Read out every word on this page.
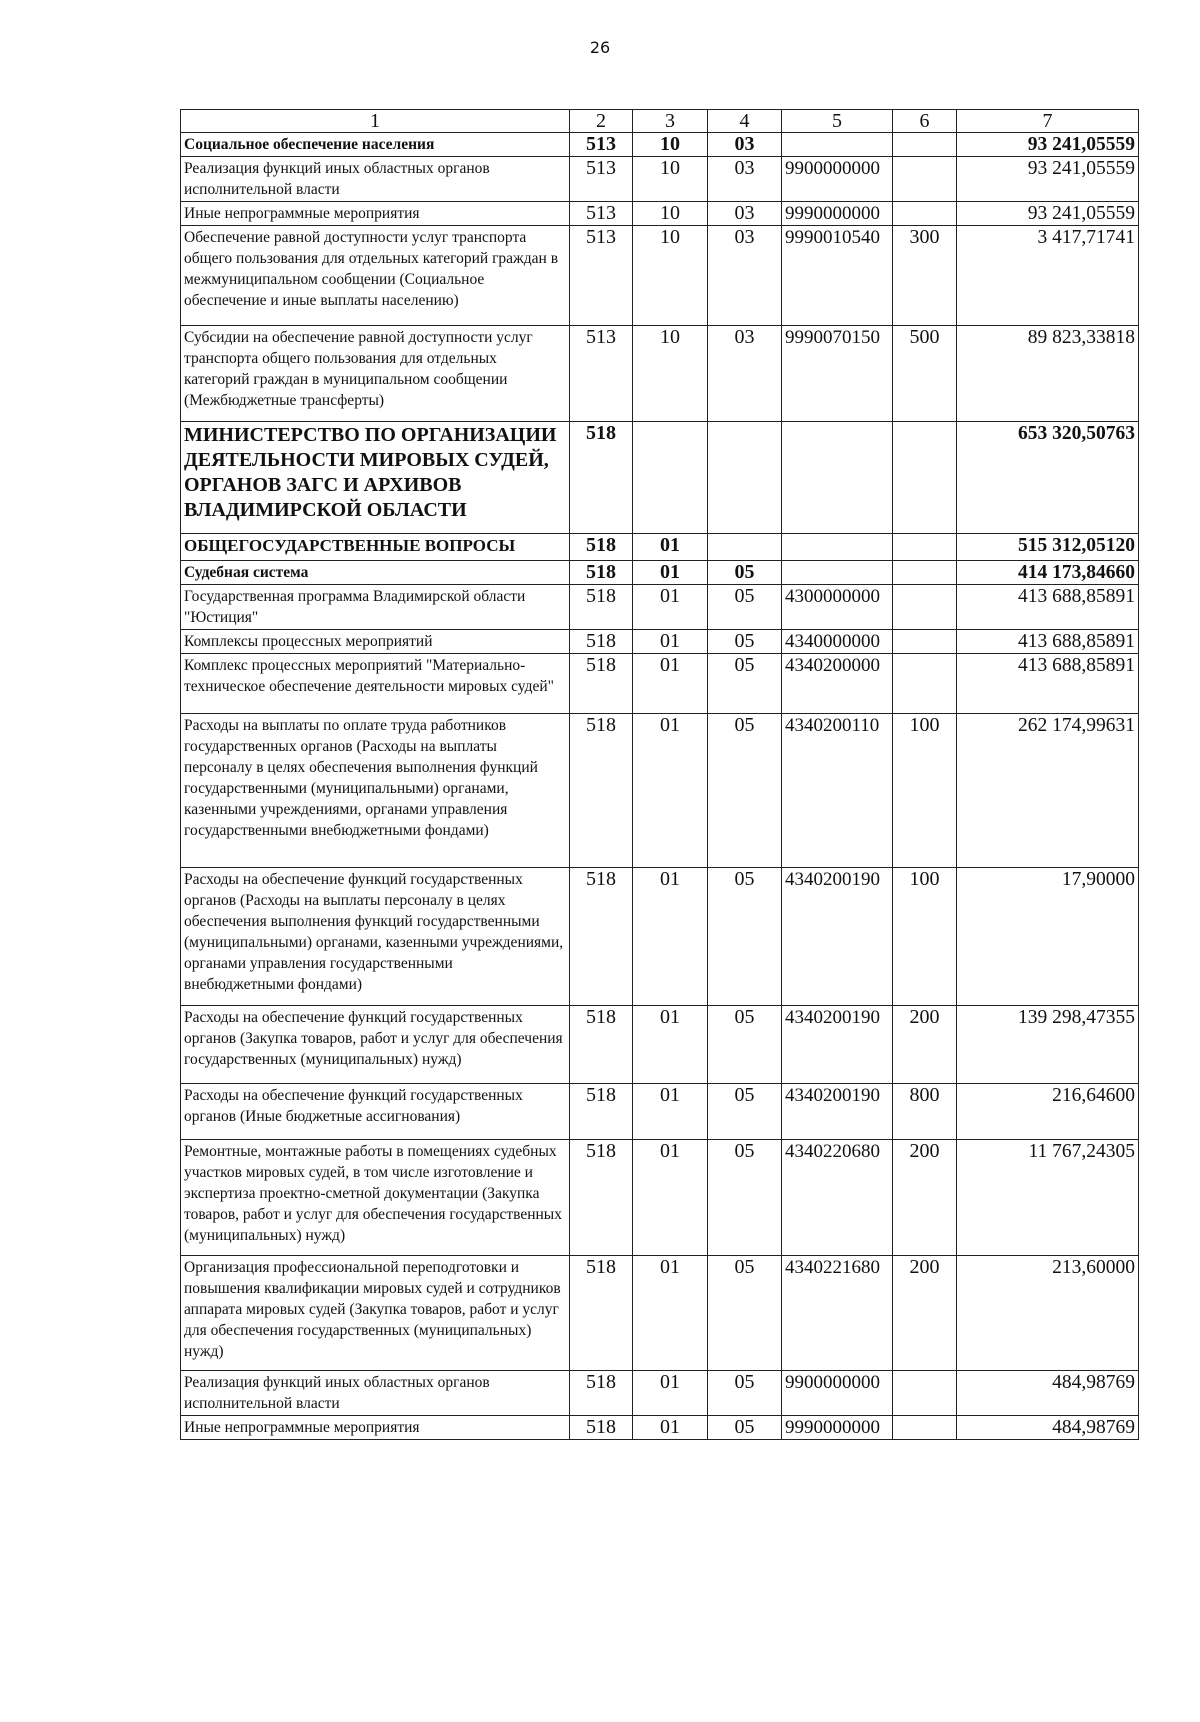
26
1	2	3	4	5	6	7
Социальное обеспечение населения	513	10	03			93 241,05559
Реализация функций иных областных органов исполнительной власти	513	10	03	9900000000		93 241,05559
Иные непрограммные мероприятия	513	10	03	9990000000		93 241,05559
Обеспечение равной доступности услуг транспорта общего пользования для отдельных категорий граждан в межмуниципальном сообщении (Социальное обеспечение и иные выплаты населению)	513	10	03	9990010540	300	3 417,71741
Субсидии на обеспечение равной доступности услуг транспорта общего пользования для отдельных категорий граждан в муниципальном сообщении (Межбюджетные трансферты)	513	10	03	9990070150	500	89 823,33818
МИНИСТЕРСТВО ПО ОРГАНИЗАЦИИ ДЕЯТЕЛЬНОСТИ МИРОВЫХ СУДЕЙ, ОРГАНОВ ЗАГС И АРХИВОВ ВЛАДИМИРСКОЙ ОБЛАСТИ	518					653 320,50763
ОБЩЕГОСУДАРСТВЕННЫЕ ВОПРОСЫ	518	01				515 312,05120
Судебная система	518	01	05			414 173,84660
Государственная программа Владимирской области "Юстиция"	518	01	05	4300000000		413 688,85891
Комплексы процессных мероприятий	518	01	05	4340000000		413 688,85891
Комплекс процессных мероприятий "Материально-техническое обеспечение деятельности мировых судей"	518	01	05	4340200000		413 688,85891
Расходы на выплаты по оплате труда работников государственных органов (Расходы на выплаты персоналу в целях обеспечения выполнения функций государственными (муниципальными) органами, казенными учреждениями, органами управления государственными внебюджетными фондами)	518	01	05	4340200110	100	262 174,99631
Расходы на обеспечение функций государственных органов (Расходы на выплаты персоналу в целях обеспечения выполнения функций государственными (муниципальными) органами, казенными учреждениями, органами управления государственными внебюджетными фондами)	518	01	05	4340200190	100	17,90000
Расходы на обеспечение функций государственных органов (Закупка товаров, работ и услуг для обеспечения государственных (муниципальных) нужд)	518	01	05	4340200190	200	139 298,47355
Расходы на обеспечение функций государственных органов (Иные бюджетные ассигнования)	518	01	05	4340200190	800	216,64600
Ремонтные, монтажные работы в помещениях судебных участков мировых судей, в том числе изготовление и экспертиза проектно-сметной документации (Закупка товаров, работ и услуг для обеспечения государственных (муниципальных) нужд)	518	01	05	4340220680	200	11 767,24305
Организация профессиональной переподготовки и повышения квалификации мировых судей и сотрудников аппарата мировых судей (Закупка товаров, работ и услуг для обеспечения государственных (муниципальных) нужд)	518	01	05	4340221680	200	213,60000
Реализация функций иных областных органов исполнительной власти	518	01	05	9900000000		484,98769
Иные непрограммные мероприятия	518	01	05	9990000000		484,98769
